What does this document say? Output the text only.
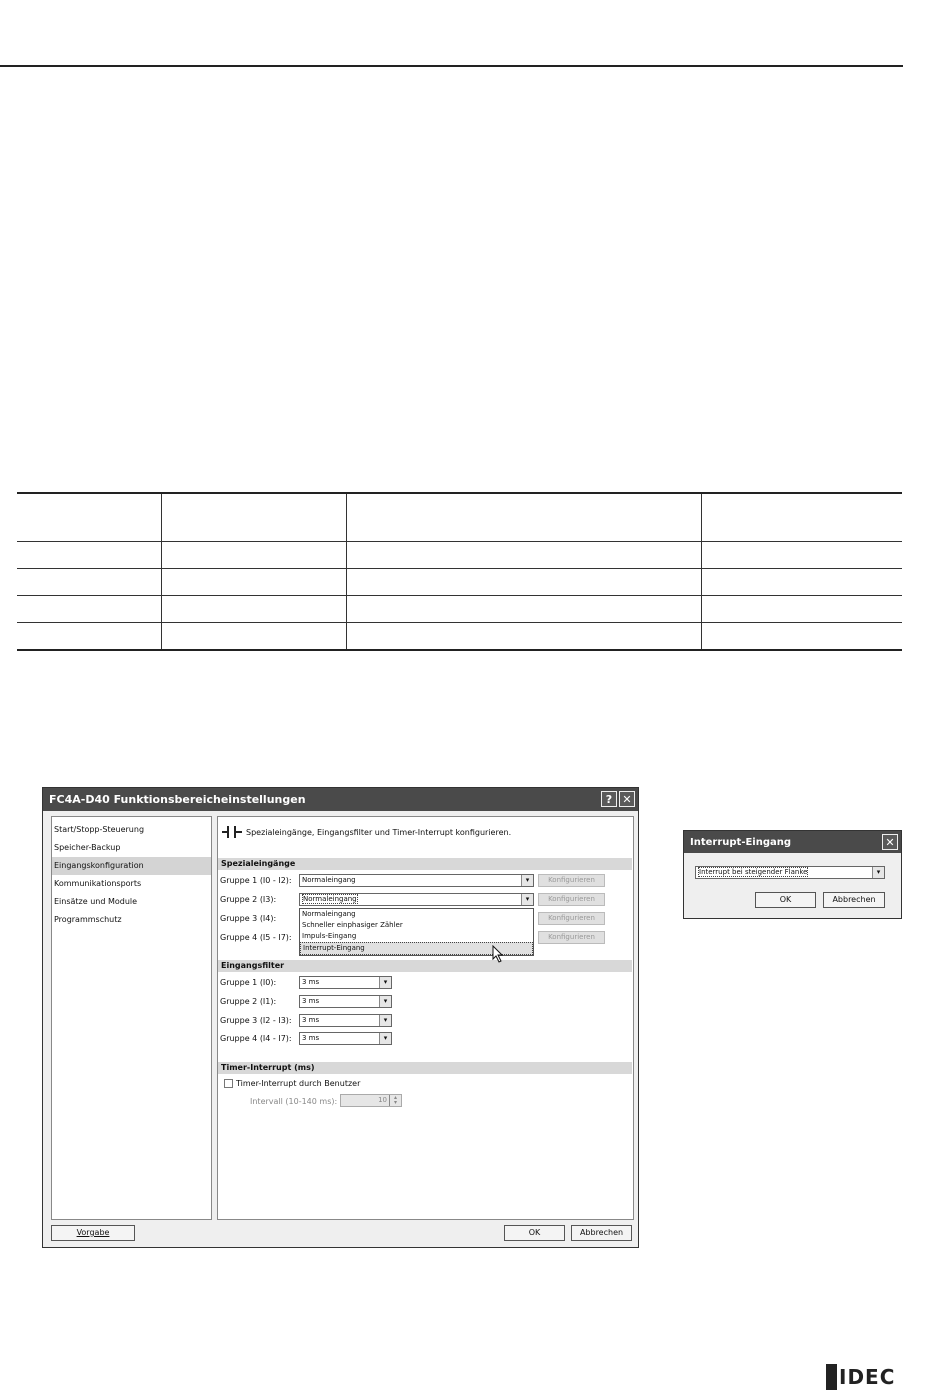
FC4A-D40 Funktionsbereicheinstellungen	? ✕
Start/Stopp-Steuerung
Speicher-Backup
Eingangskonfiguration
Kommunikationsports
Einsätze und Module
Programmschutz
Spezialeingänge, Eingangsfilter und Timer-Interrupt konfigurieren.
Spezialeingänge
Gruppe 1 (I0 - I2):	Normaleingang	▾	Konfigurieren
Gruppe 2 (I3):	Normaleingang	▾	Konfigurieren
Gruppe 3 (I4):	Konfigurieren
Gruppe 4 (I5 - I7):	Konfigurieren
Normaleingang
Schneller einphasiger Zähler
Impuls-Eingang
Interrupt-Eingang
Eingangsfilter
Gruppe 1 (I0):	3 ms	▾
Gruppe 2 (I1):	3 ms	▾
Gruppe 3 (I2 - I3):	3 ms	▾
Gruppe 4 (I4 - I7):	3 ms	▾
Timer-Interrupt (ms)
Timer-Interrupt durch Benutzer
Intervall (10-140 ms):	10	▴
▾
Vorgabe	OK	Abbrechen
Interrupt-Eingang	✕
Interrupt bei steigender Flanke	▾
OK	Abbrechen
IDEC
